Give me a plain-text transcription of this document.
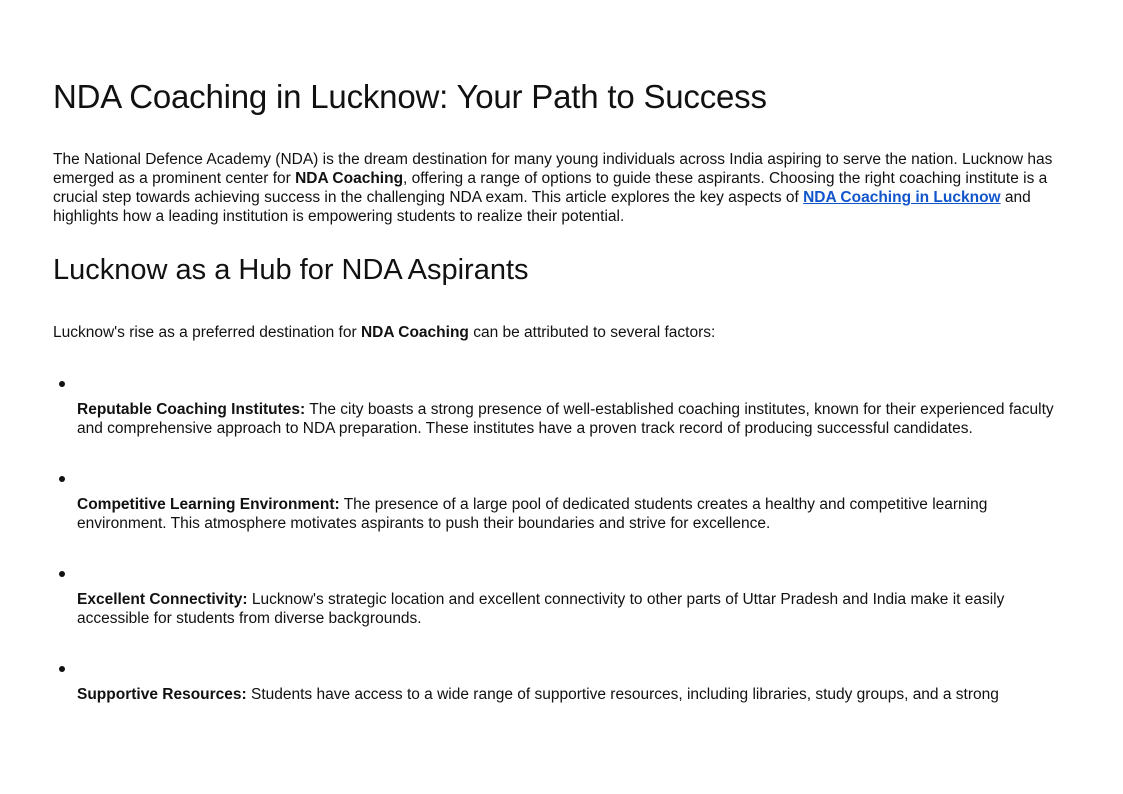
NDA Coaching in Lucknow: Your Path to Success

The National Defence Academy (NDA) is the dream destination for many young individuals across India aspiring to serve the nation. Lucknow has emerged as a prominent center for NDA Coaching, offering a range of options to guide these aspirants. Choosing the right coaching institute is a crucial step towards achieving success in the challenging NDA exam. This article explores the key aspects of NDA Coaching in Lucknow and highlights how a leading institution is empowering students to realize their potential.

Lucknow as a Hub for NDA Aspirants

Lucknow's rise as a preferred destination for NDA Coaching can be attributed to several factors:

Reputable Coaching Institutes: The city boasts a strong presence of well-established coaching institutes, known for their experienced faculty and comprehensive approach to NDA preparation. These institutes have a proven track record of producing successful candidates.

Competitive Learning Environment: The presence of a large pool of dedicated students creates a healthy and competitive learning environment. This atmosphere motivates aspirants to push their boundaries and strive for excellence.

Excellent Connectivity: Lucknow's strategic location and excellent connectivity to other parts of Uttar Pradesh and India make it easily accessible for students from diverse backgrounds.

Supportive Resources: Students have access to a wide range of supportive resources, including libraries, study groups, and a strong
